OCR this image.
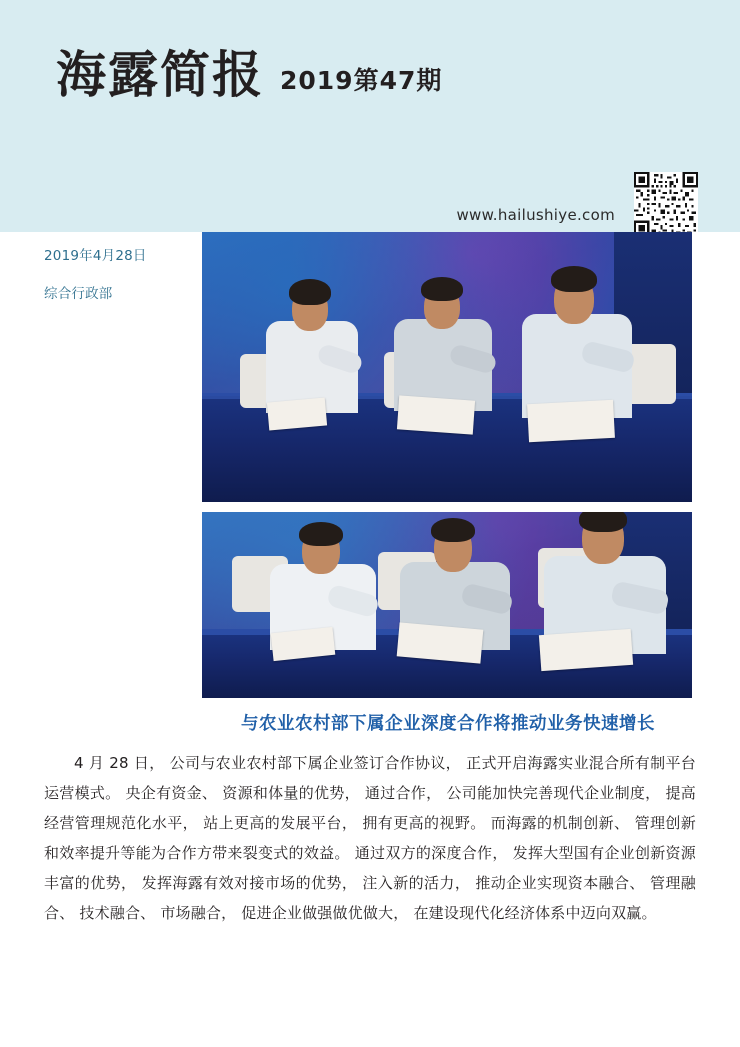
海露简报 2019第47期
www.hailushiye.com
2019年4月28日
综合行政部
与农业农村部下属企业深度合作将推动业务快速增长
4 月 28 日， 公司与农业农村部下属企业签订合作协议， 正式开启海露实业混合所有制平台运营模式。 央企有资金、 资源和体量的优势， 通过合作， 公司能加快完善现代企业制度， 提高经营管理规范化水平， 站上更高的发展平台， 拥有更高的视野。 而海露的机制创新、 管理创新和效率提升等能为合作方带来裂变式的效益。 通过双方的深度合作， 发挥大型国有企业创新资源丰富的优势， 发挥海露有效对接市场的优势， 注入新的活力， 推动企业实现资本融合、 管理融合、 技术融合、 市场融合， 促进企业做强做优做大， 在建设现代化经济体系中迈向双赢。
